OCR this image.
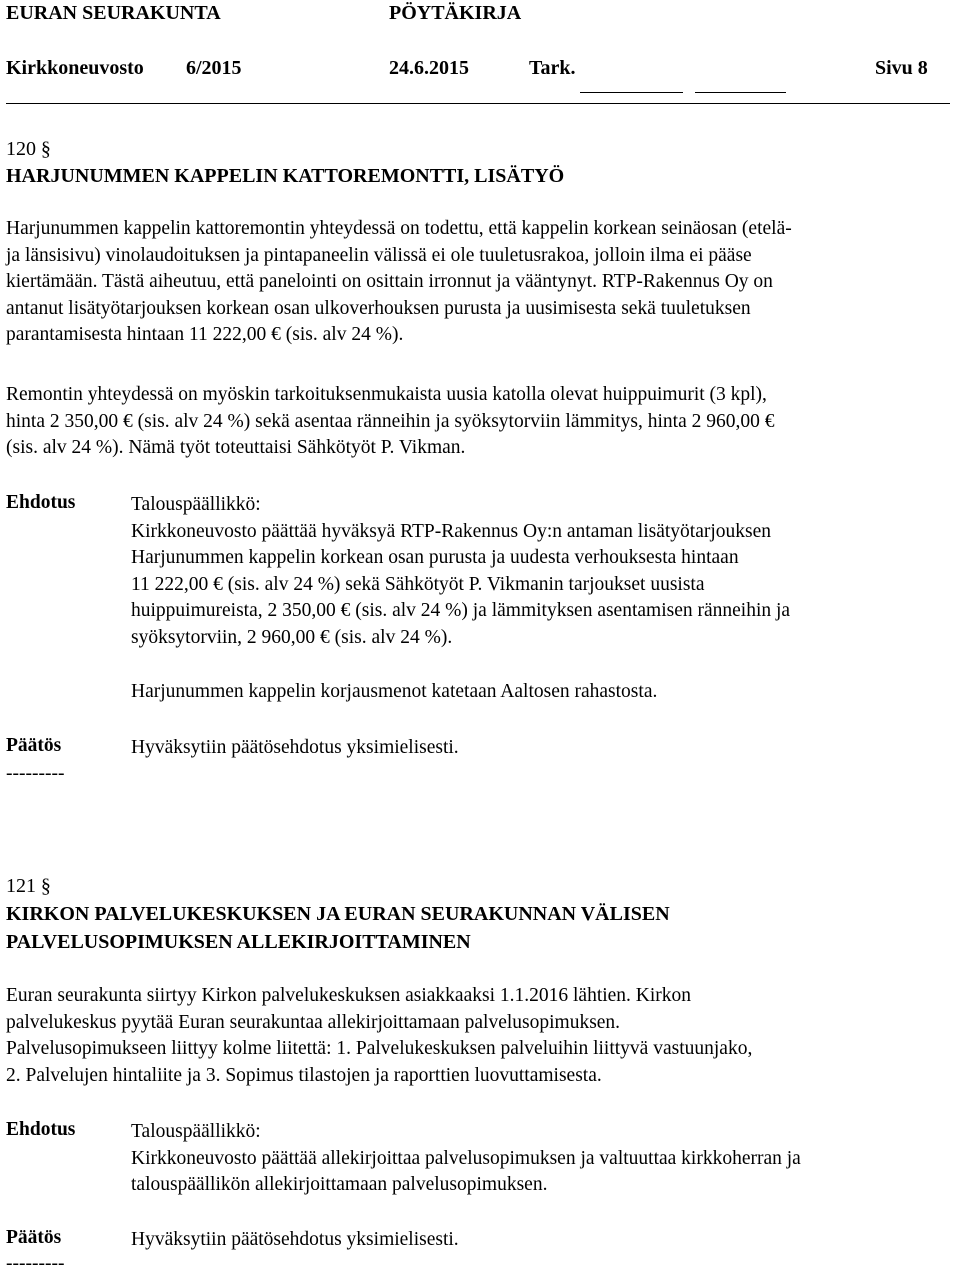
EURAN SEURAKUNTA	PÖYTÄKIRJA
Kirkkoneuvosto 6/2015	24.6.2015	Tark.	Sivu 8
120 §
HARJUNUMMEN KAPPELIN KATTOREMONTTI, LISÄTYÖ

Harjunummen kappelin kattoremontin yhteydessä on todettu, että kappelin korkean seinäosan (etelä-

ja länsisivu) vinolaudoituksen ja pintapaneelin välissä ei ole tuuletusrakoa, jolloin ilma ei pääse

kiertämään. Tästä aiheutuu, että panelointi on osittain irronnut ja vääntynyt. RTP-Rakennus Oy on

antanut lisätyötarjouksen korkean osan ulkoverhouksen purusta ja uusimisesta sekä tuuletuksen

parantamisesta hintaan 11 222,00 € (sis. alv 24 %).

Remontin yhteydessä on myöskin tarkoituksenmukaista uusia katolla olevat huippuimurit (3 kpl),

hinta 2 350,00 € (sis. alv 24 %) sekä asentaa ränneihin ja syöksytorviin lämmitys, hinta 2 960,00 €

(sis. alv 24 %). Nämä työt toteuttaisi Sähkötyöt P. Vikman.

Ehdotus	Talouspäällikkö:
Kirkkoneuvosto päättää hyväksyä RTP-Rakennus Oy:n antaman lisätyötarjouksen
Harjunummen kappelin korkean osan purusta ja uudesta verhouksesta hintaan
11 222,00 € (sis. alv 24 %) sekä Sähkötyöt P. Vikmanin tarjoukset uusista
huippuimureista, 2 350,00 € (sis. alv 24 %) ja lämmityksen asentamisen ränneihin ja
syöksytorviin, 2 960,00 € (sis. alv 24 %).
Harjunummen kappelin korjausmenot katetaan Aaltosen rahastosta.
Päätös	Hyväksytiin päätösehdotus yksimielisesti.
---------
121 §
KIRKON PALVELUKESKUKSEN JA EURAN SEURAKUNNAN VÄLISEN
PALVELUSOPIMUKSEN ALLEKIRJOITTAMINEN

Euran seurakunta siirtyy Kirkon palvelukeskuksen asiakkaaksi 1.1.2016 lähtien. Kirkon

palvelukeskus pyytää Euran seurakuntaa allekirjoittamaan palvelusopimuksen.

Palvelusopimukseen liittyy kolme liitettä: 1. Palvelukeskuksen palveluihin liittyvä vastuunjako,

2. Palvelujen hintaliite ja 3. Sopimus tilastojen ja raporttien luovuttamisesta.

Ehdotus	Talouspäällikkö:
Kirkkoneuvosto päättää allekirjoittaa palvelusopimuksen ja valtuuttaa kirkkoherran ja
talouspäällikön allekirjoittamaan palvelusopimuksen.
Päätös	Hyväksytiin päätösehdotus yksimielisesti.
---------
